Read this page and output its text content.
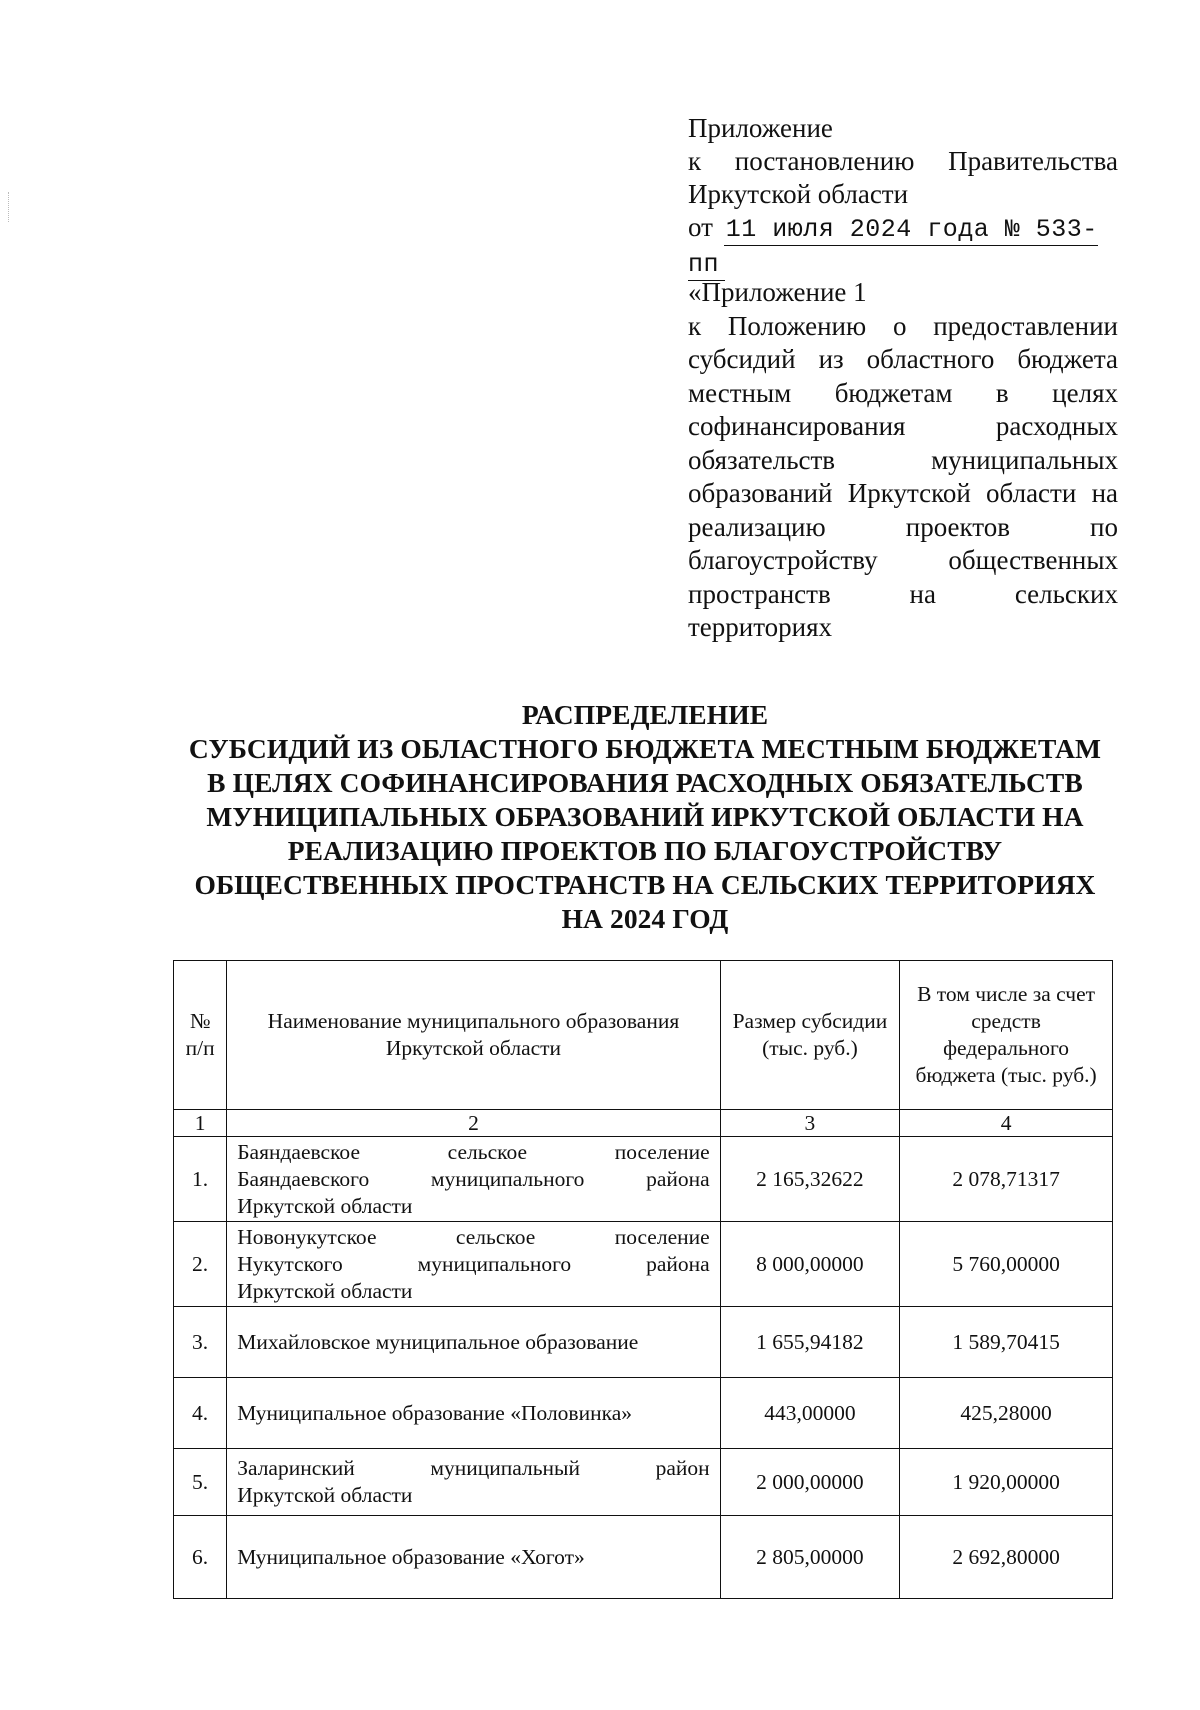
Приложение
к постановлению Правительства
Иркутской области
от 11 июля 2024 года № 533-пп
«Приложение 1
к Положению о предоставлении
субсидий из областного бюджета
местным бюджетам в целях
софинансирования расходных
обязательств муниципальных
образований Иркутской области на
реализацию проектов по
благоустройству общественных
пространств на сельских
территориях
РАСПРЕДЕЛЕНИЕ
СУБСИДИЙ ИЗ ОБЛАСТНОГО БЮДЖЕТА МЕСТНЫМ БЮДЖЕТАМ
В ЦЕЛЯХ СОФИНАНСИРОВАНИЯ РАСХОДНЫХ ОБЯЗАТЕЛЬСТВ
МУНИЦИПАЛЬНЫХ ОБРАЗОВАНИЙ ИРКУТСКОЙ ОБЛАСТИ НА
РЕАЛИЗАЦИЮ ПРОЕКТОВ ПО БЛАГОУСТРОЙСТВУ
ОБЩЕСТВЕННЫХ ПРОСТРАНСТВ НА СЕЛЬСКИХ ТЕРРИТОРИЯХ
НА 2024 ГОД
№ п/п	Наименование муниципального образования Иркутской области	Размер субсидии (тыс. руб.)	В том числе за счет средств федерального бюджета (тыс. руб.)
1	2	3	4
1.	Баяндаевское сельское поселение
Баяндаевского муниципального района
Иркутской области	2 165,32622	2 078,71317
2.	Новонукутское сельское поселение
Нукутского муниципального района
Иркутской области	8 000,00000	5 760,00000
3.	Михайловское муниципальное образование	1 655,94182	1 589,70415
4.	Муниципальное образование «Половинка»	443,00000	425,28000
5.	Заларинский муниципальный район
Иркутской области	2 000,00000	1 920,00000
6.	Муниципальное образование «Хогот»	2 805,00000	2 692,80000
